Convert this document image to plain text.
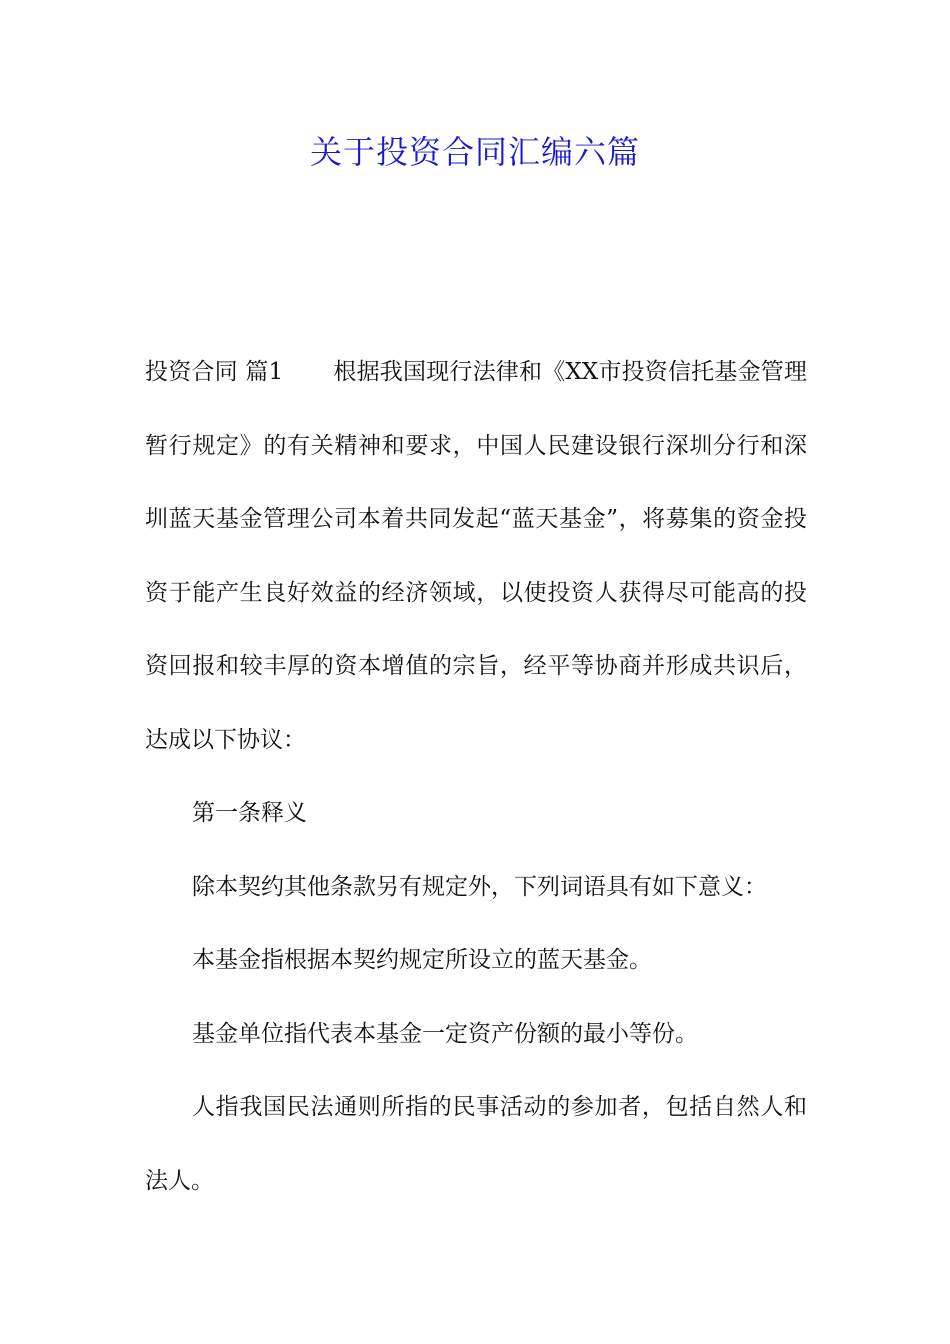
关于投资合同汇编六篇

投资合同 篇1 根据我国现行法律和《XX市投资信托基金管理暂行规定》的有关精神和要求，中国人民建设银行深圳分行和深圳蓝天基金管理公司本着共同发起“蓝天基金”，将募集的资金投资于能产生良好效益的经济领域，以使投资人获得尽可能高的投资回报和较丰厚的资本增值的宗旨，经平等协商并形成共识后，达成以下协议：

第一条释义

除本契约其他条款另有规定外，下列词语具有如下意义：

本基金指根据本契约规定所设立的蓝天基金。

基金单位指代表本基金一定资产份额的最小等份。

人指我国民法通则所指的民事活动的参加者，包括自然人和法人。
